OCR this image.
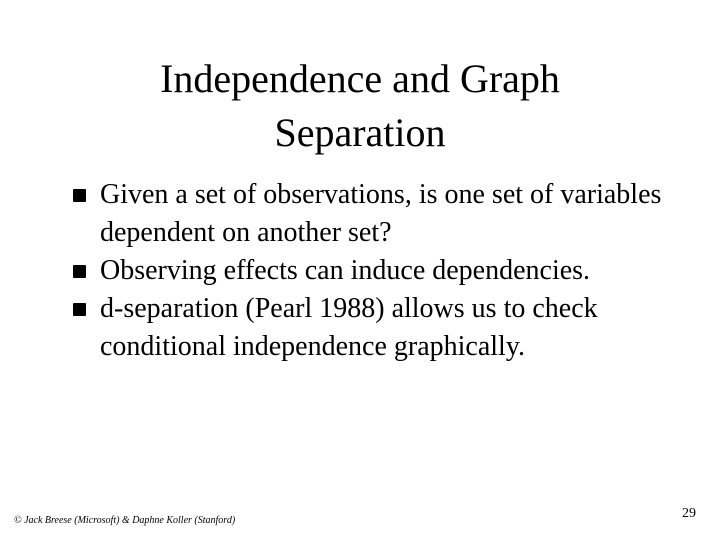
Independence and Graph
Separation
Given a set of observations, is one set of variables dependent on another set?
Observing effects can induce dependencies.
d-separation (Pearl 1988) allows us to check conditional independence graphically.
© Jack Breese (Microsoft) & Daphne Koller (Stanford)	29
